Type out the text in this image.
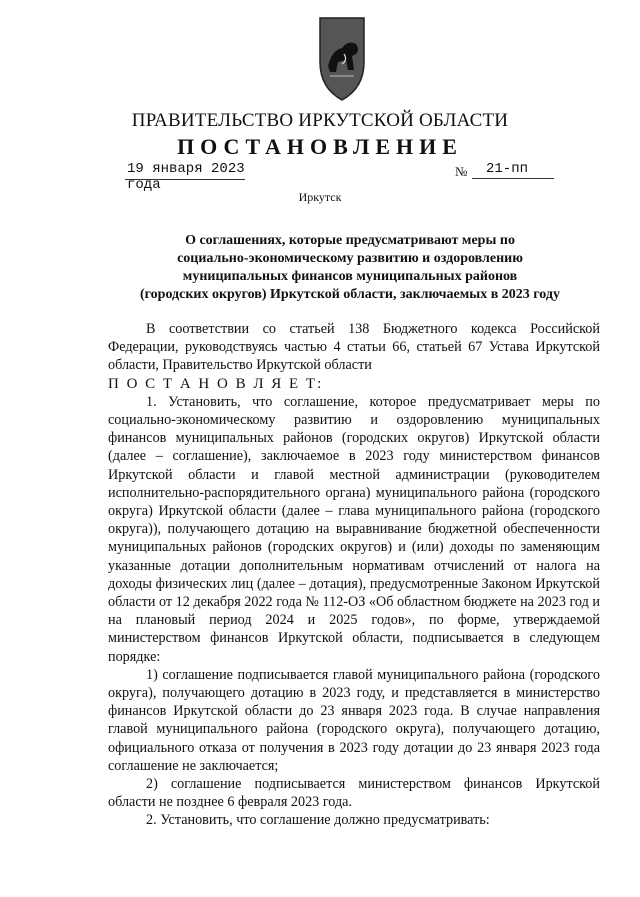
ПРАВИТЕЛЬСТВО ИРКУТСКОЙ ОБЛАСТИ
ПОСТАНОВЛЕНИЕ
19 января 2023 года
№	21-пп
Иркутск
О соглашениях, которые предусматривают меры по
социально-экономическому развитию и оздоровлению
муниципальных финансов муниципальных районов
(городских округов) Иркутской области, заключаемых в 2023 году

В соответствии со статьей 138 Бюджетного кодекса Российской Федерации, руководствуясь частью 4 статьи 66, статьей 67 Устава Иркутской области, Правительство Иркутской области

П О С Т А Н О В Л Я Е Т:

1. Установить, что соглашение, которое предусматривает меры по социально-экономическому развитию и оздоровлению муниципальных финансов муниципальных районов (городских округов) Иркутской области (далее – соглашение), заключаемое в 2023 году министерством финансов Иркутской области и главой местной администрации (руководителем исполнительно-распорядительного органа) муниципального района (городского округа) Иркутской области (далее – глава муниципального района (городского округа)), получающего дотацию на выравнивание бюджетной обеспеченности муниципальных районов (городских округов) и (или) доходы по заменяющим указанные дотации дополнительным нормативам отчислений от налога на доходы физических лиц (далее – дотация), предусмотренные Законом Иркутской области от 12 декабря 2022 года № 112-ОЗ «Об областном бюджете на 2023 год и на плановый период 2024 и 2025 годов», по форме, утверждаемой министерством финансов Иркутской области, подписывается в следующем порядке:

1) соглашение подписывается главой муниципального района (городского округа), получающего дотацию в 2023 году, и представляется в министерство финансов Иркутской области до 23 января 2023 года. В случае направления главой муниципального района (городского округа), получающего дотацию, официального отказа от получения в 2023 году дотации до 23 января 2023 года соглашение не заключается;

2) соглашение подписывается министерством финансов Иркутской области не позднее 6 февраля 2023 года.

2. Установить, что соглашение должно предусматривать:
